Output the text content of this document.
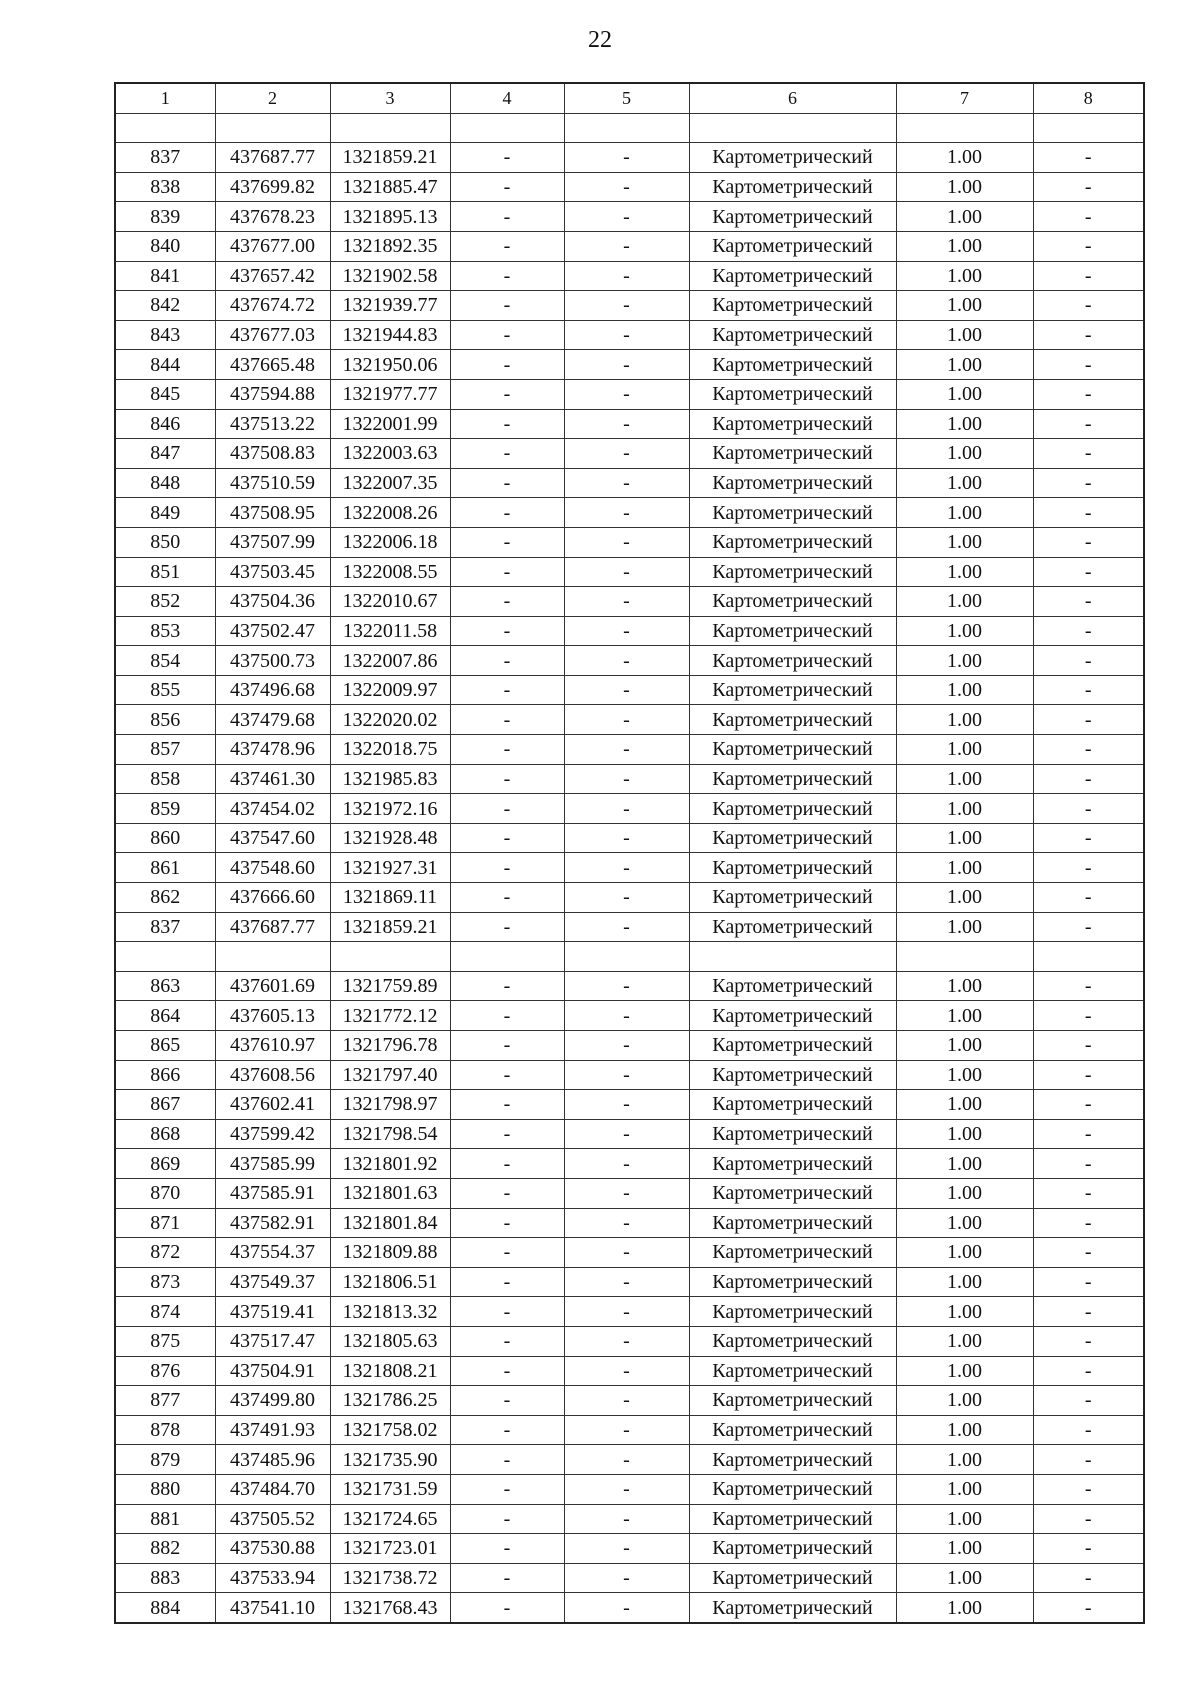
22
1	2	3	4	5	6	7	8

837	437687.77	1321859.21	-	-	Картометрический	1.00	-
838	437699.82	1321885.47	-	-	Картометрический	1.00	-
839	437678.23	1321895.13	-	-	Картометрический	1.00	-
840	437677.00	1321892.35	-	-	Картометрический	1.00	-
841	437657.42	1321902.58	-	-	Картометрический	1.00	-
842	437674.72	1321939.77	-	-	Картометрический	1.00	-
843	437677.03	1321944.83	-	-	Картометрический	1.00	-
844	437665.48	1321950.06	-	-	Картометрический	1.00	-
845	437594.88	1321977.77	-	-	Картометрический	1.00	-
846	437513.22	1322001.99	-	-	Картометрический	1.00	-
847	437508.83	1322003.63	-	-	Картометрический	1.00	-
848	437510.59	1322007.35	-	-	Картометрический	1.00	-
849	437508.95	1322008.26	-	-	Картометрический	1.00	-
850	437507.99	1322006.18	-	-	Картометрический	1.00	-
851	437503.45	1322008.55	-	-	Картометрический	1.00	-
852	437504.36	1322010.67	-	-	Картометрический	1.00	-
853	437502.47	1322011.58	-	-	Картометрический	1.00	-
854	437500.73	1322007.86	-	-	Картометрический	1.00	-
855	437496.68	1322009.97	-	-	Картометрический	1.00	-
856	437479.68	1322020.02	-	-	Картометрический	1.00	-
857	437478.96	1322018.75	-	-	Картометрический	1.00	-
858	437461.30	1321985.83	-	-	Картометрический	1.00	-
859	437454.02	1321972.16	-	-	Картометрический	1.00	-
860	437547.60	1321928.48	-	-	Картометрический	1.00	-
861	437548.60	1321927.31	-	-	Картометрический	1.00	-
862	437666.60	1321869.11	-	-	Картометрический	1.00	-
837	437687.77	1321859.21	-	-	Картометрический	1.00	-

863	437601.69	1321759.89	-	-	Картометрический	1.00	-
864	437605.13	1321772.12	-	-	Картометрический	1.00	-
865	437610.97	1321796.78	-	-	Картометрический	1.00	-
866	437608.56	1321797.40	-	-	Картометрический	1.00	-
867	437602.41	1321798.97	-	-	Картометрический	1.00	-
868	437599.42	1321798.54	-	-	Картометрический	1.00	-
869	437585.99	1321801.92	-	-	Картометрический	1.00	-
870	437585.91	1321801.63	-	-	Картометрический	1.00	-
871	437582.91	1321801.84	-	-	Картометрический	1.00	-
872	437554.37	1321809.88	-	-	Картометрический	1.00	-
873	437549.37	1321806.51	-	-	Картометрический	1.00	-
874	437519.41	1321813.32	-	-	Картометрический	1.00	-
875	437517.47	1321805.63	-	-	Картометрический	1.00	-
876	437504.91	1321808.21	-	-	Картометрический	1.00	-
877	437499.80	1321786.25	-	-	Картометрический	1.00	-
878	437491.93	1321758.02	-	-	Картометрический	1.00	-
879	437485.96	1321735.90	-	-	Картометрический	1.00	-
880	437484.70	1321731.59	-	-	Картометрический	1.00	-
881	437505.52	1321724.65	-	-	Картометрический	1.00	-
882	437530.88	1321723.01	-	-	Картометрический	1.00	-
883	437533.94	1321738.72	-	-	Картометрический	1.00	-
884	437541.10	1321768.43	-	-	Картометрический	1.00	-
